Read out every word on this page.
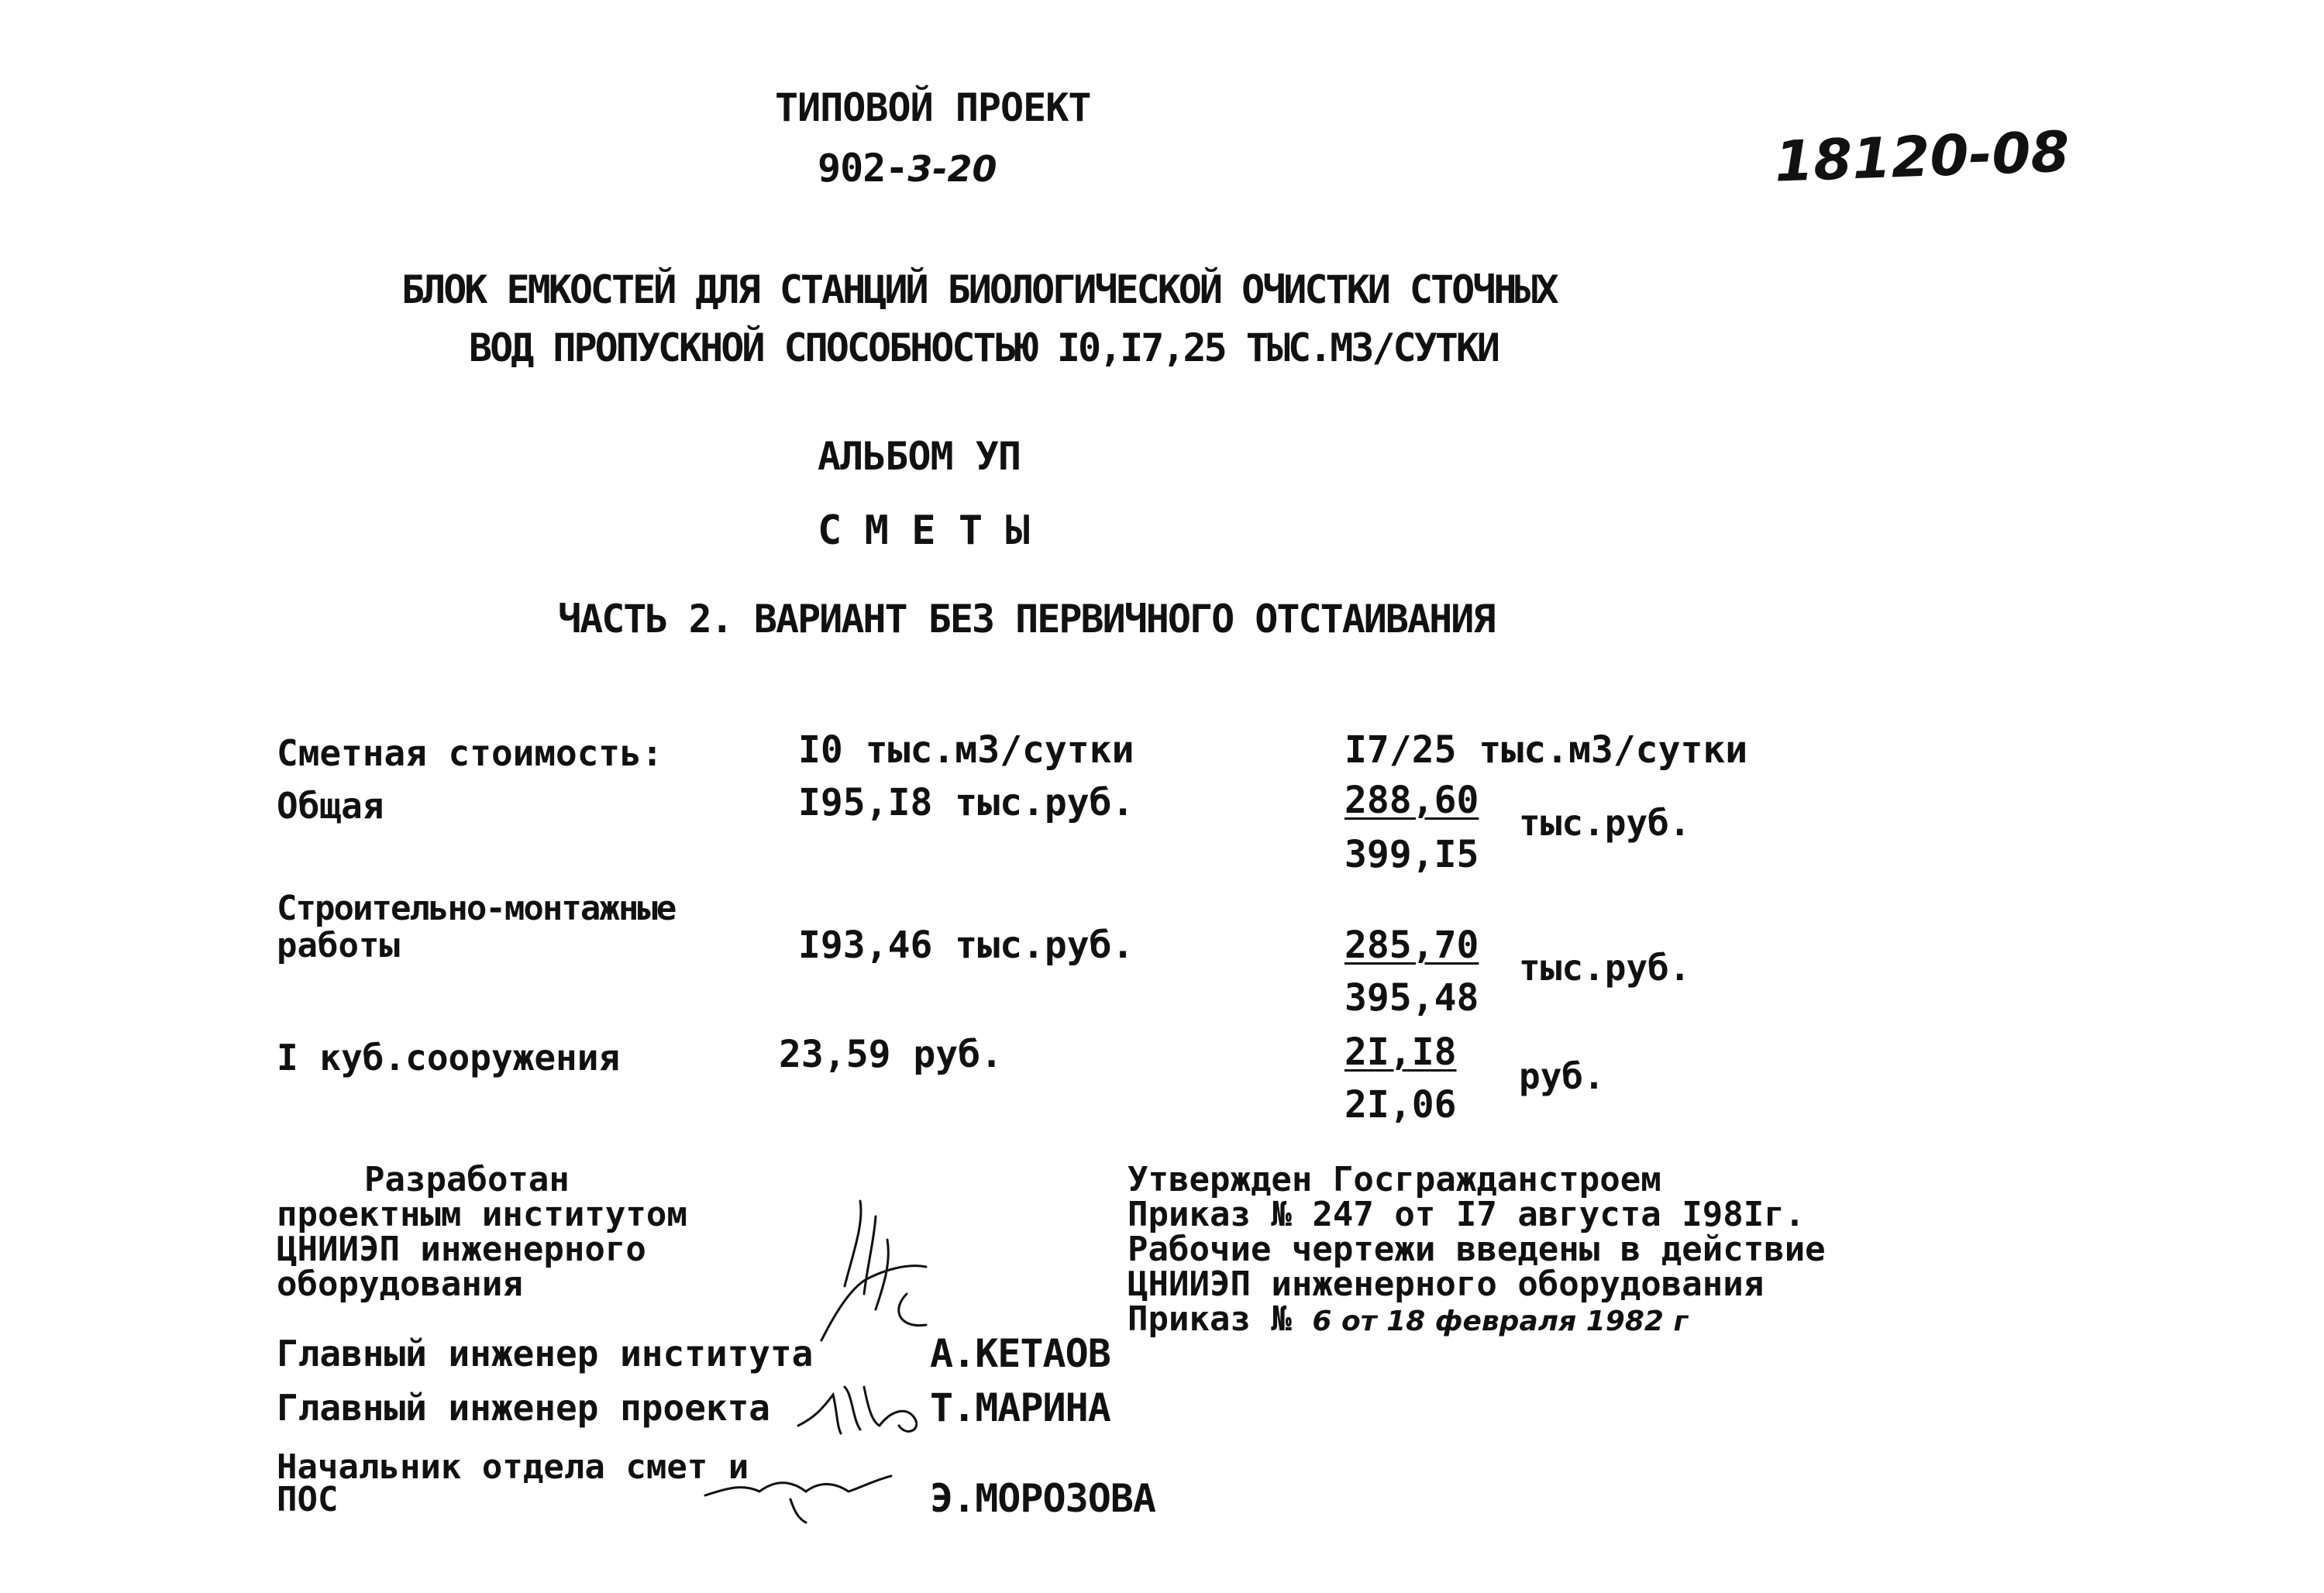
ТИПОВОЙ ПРОЕКТ
902-3-20	18120-08
БЛОК ЕМКОСТЕЙ ДЛЯ СТАНЦИЙ БИОЛОГИЧЕСКОЙ ОЧИСТКИ СТОЧНЫХ
ВОД ПРОПУСКНОЙ СПОСОБНОСТЬЮ I0,I7,25 ТЫС.М3/СУТКИ
АЛЬБОМ УП
С М Е Т Ы
ЧАСТЬ 2. ВАРИАНТ БЕЗ ПЕРВИЧНОГО ОТСТАИВАНИЯ
Сметная стоимость:	I0 тыс.м3/сутки	I7/25 тыс.м3/сутки
Общая	I95,I8 тыс.руб.	288,60
399,I5
тыс.руб.
Строительно-монтажные
работы	I93,46 тыс.руб.	285,70
395,48
тыс.руб.
I куб.сооружения	23,59 руб.	2I,I8
2I,06
руб.
Разработан
проектным институтом
ЦНИИЭП инженерного
оборудования
Утвержден Госгражданстроем
Приказ № 247 от I7 августа I98Iг.
Рабочие чертежи введены в действие
ЦНИИЭП инженерного оборудования
Приказ № 6 от 18 февраля 1982 г
Главный инженер института	А.КЕТАОВ
Главный инженер проекта	Т.МАРИНА
Начальник отдела смет и
ПОС	Э.МОРОЗОВА
